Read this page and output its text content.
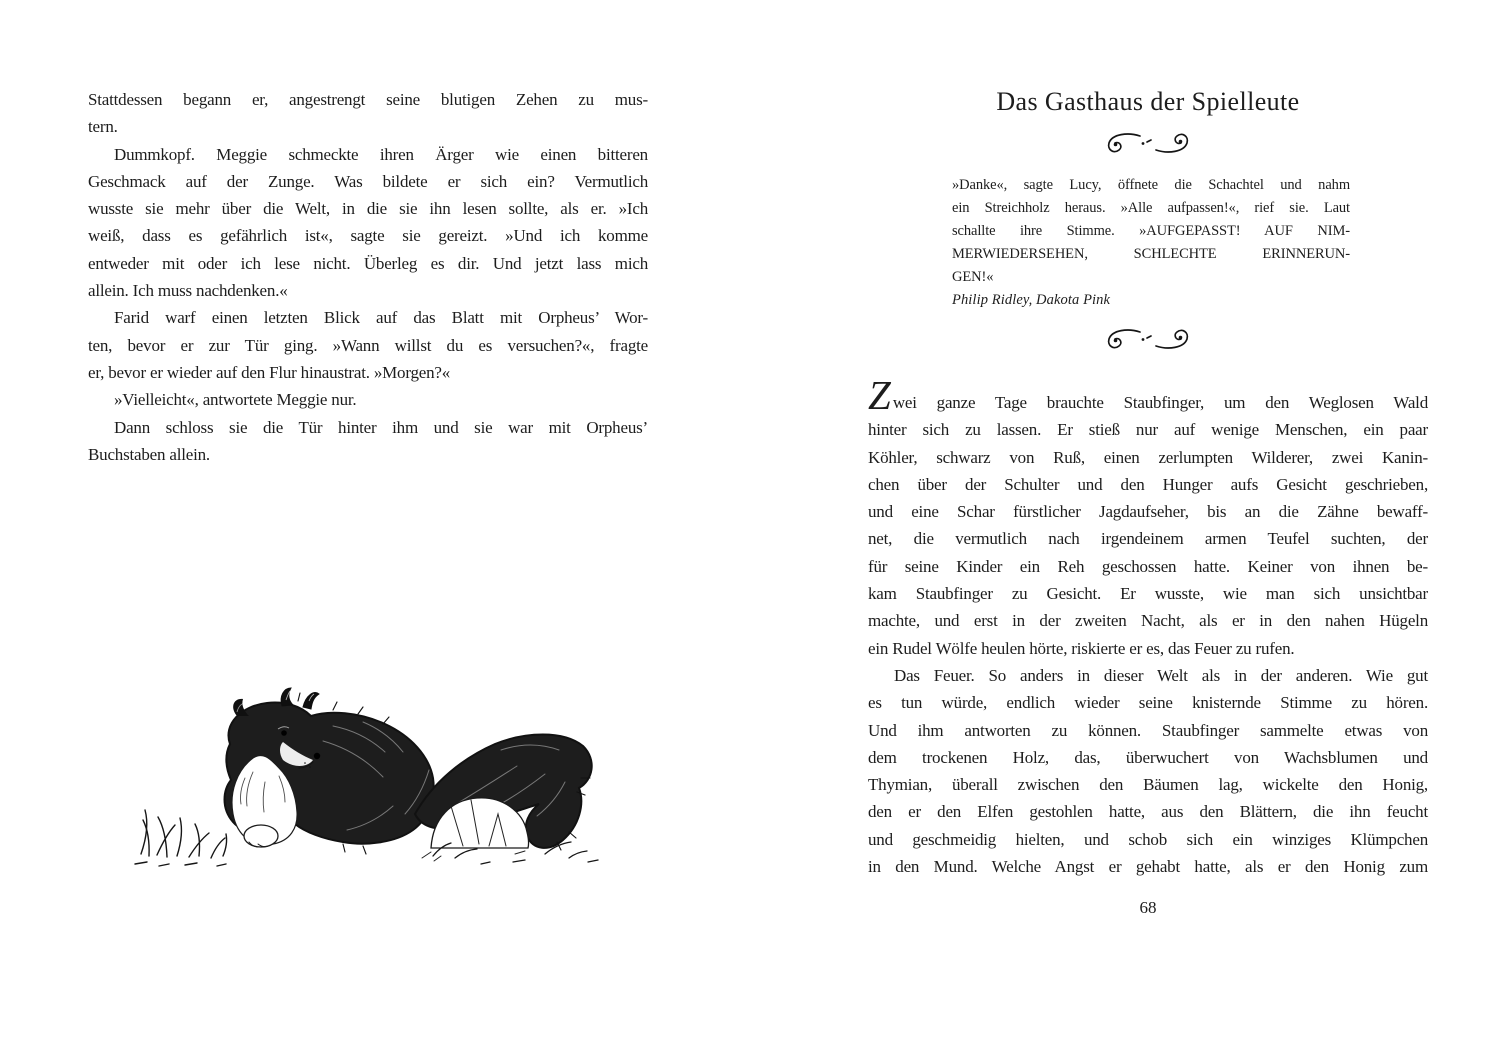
Stattdessen begann er, angestrengt seine blutigen Zehen zu mus-
tern.
Dummkopf. Meggie schmeckte ihren Ärger wie einen bitteren
Geschmack auf der Zunge. Was bildete er sich ein? Vermutlich
wusste sie mehr über die Welt, in die sie ihn lesen sollte, als er. »Ich
weiß, dass es gefährlich ist«, sagte sie gereizt. »Und ich komme
entweder mit oder ich lese nicht. Überleg es dir. Und jetzt lass mich
allein. Ich muss nachdenken.«
Farid warf einen letzten Blick auf das Blatt mit Orpheus’ Wor-
ten, bevor er zur Tür ging. »Wann willst du es versuchen?«, fragte
er, bevor er wieder auf den Flur hinaustrat. »Morgen?«
»Vielleicht«, antwortete Meggie nur.
Dann schloss sie die Tür hinter ihm und sie war mit Orpheus’
Buchstaben allein.
Das Gasthaus der Spielleute
»Danke«, sagte Lucy, öffnete die Schachtel und nahm
ein Streichholz heraus. »Alle aufpassen!«, rief sie. Laut
schallte ihre Stimme. »AUFGEPASST! AUF NIM-
MERWIEDERSEHEN, SCHLECHTE ERINNERUN-
GEN!«
Philip Ridley, Dakota Pink
Zwei ganze Tage brauchte Staubfinger, um den Weglosen Wald
hinter sich zu lassen. Er stieß nur auf wenige Menschen, ein paar
Köhler, schwarz von Ruß, einen zerlumpten Wilderer, zwei Kanin-
chen über der Schulter und den Hunger aufs Gesicht geschrieben,
und eine Schar fürstlicher Jagdaufseher, bis an die Zähne bewaff-
net, die vermutlich nach irgendeinem armen Teufel suchten, der
für seine Kinder ein Reh geschossen hatte. Keiner von ihnen be-
kam Staubfinger zu Gesicht. Er wusste, wie man sich unsichtbar
machte, und erst in der zweiten Nacht, als er in den nahen Hügeln
ein Rudel Wölfe heulen hörte, riskierte er es, das Feuer zu rufen.
Das Feuer. So anders in dieser Welt als in der anderen. Wie gut
es tun würde, endlich wieder seine knisternde Stimme zu hören.
Und ihm antworten zu können. Staubfinger sammelte etwas von
dem trockenen Holz, das, überwuchert von Wachsblumen und
Thymian, überall zwischen den Bäumen lag, wickelte den Honig,
den er den Elfen gestohlen hatte, aus den Blättern, die ihn feucht
und geschmeidig hielten, und schob sich ein winziges Klümpchen
in den Mund. Welche Angst er gehabt hatte, als er den Honig zum
68
